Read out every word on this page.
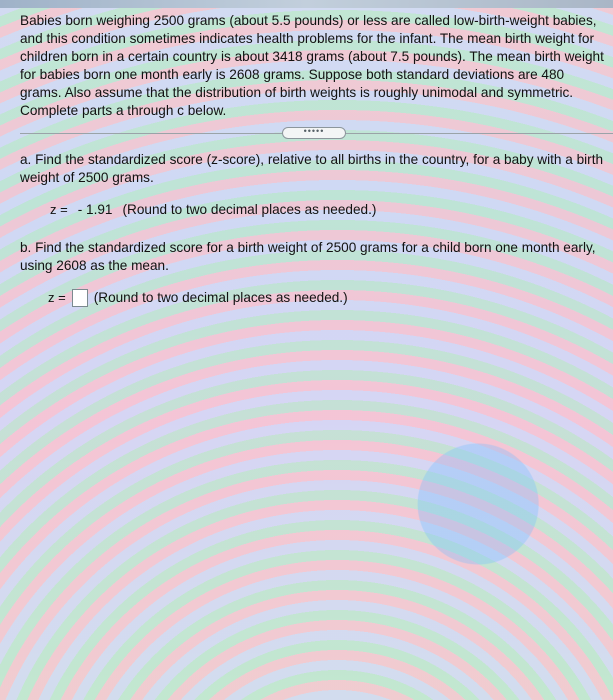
Babies born weighing 2500 grams (about 5.5 pounds) or less are called low-birth-weight babies, and this condition sometimes indicates health problems for the infant. The mean birth weight for children born in a certain country is about 3418 grams (about 7.5 pounds). The mean birth weight for babies born one month early is 2608 grams. Suppose both standard deviations are 480 grams. Also assume that the distribution of birth weights is roughly unimodal and symmetric. Complete parts a through c below.
•••••
a. Find the standardized score (z-score), relative to all births in the country, for a baby with a birth weight of 2500 grams.
z = - 1.91 (Round to two decimal places as needed.)
b. Find the standardized score for a birth weight of 2500 grams for a child born one month early, using 2608 as the mean.
z = (Round to two decimal places as needed.)
